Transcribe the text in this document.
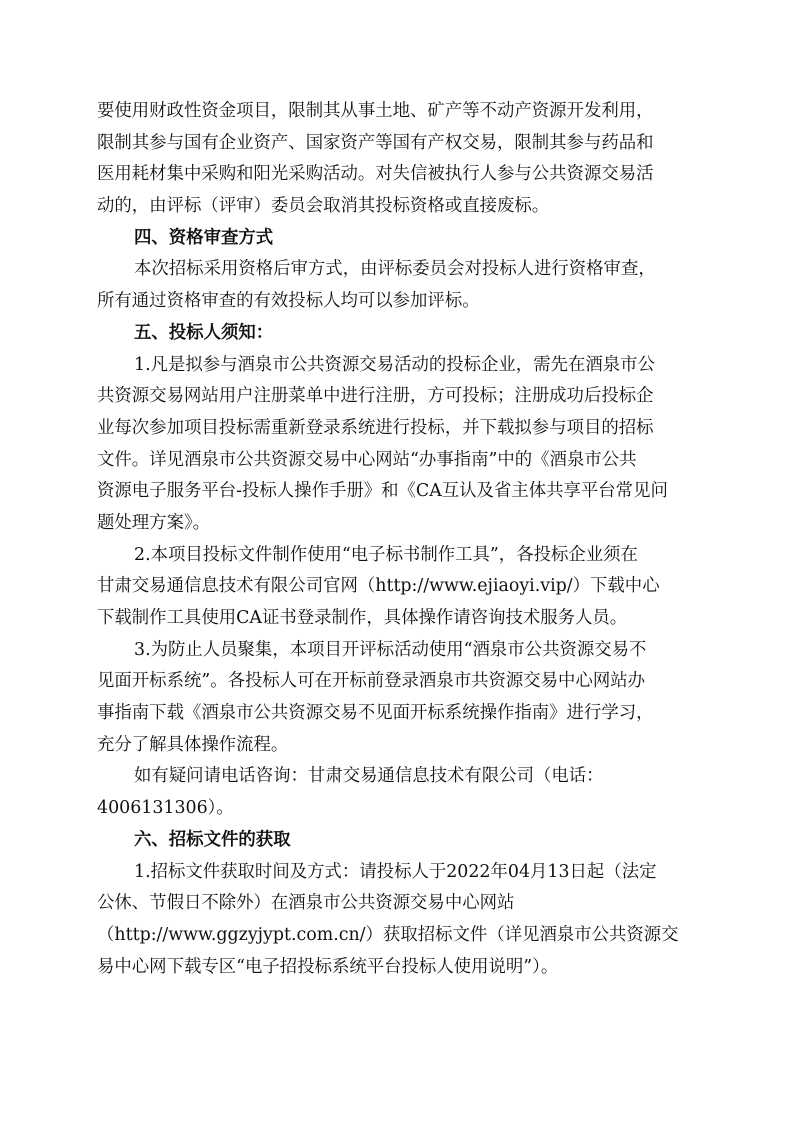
要使用财政性资金项目，限制其从事土地、矿产等不动产资源开发利用，
限制其参与国有企业资产、国家资产等国有产权交易，限制其参与药品和
医用耗材集中采购和阳光采购活动。对失信被执行人参与公共资源交易活
动的，由评标（评审）委员会取消其投标资格或直接废标。
四、资格审查方式
本次招标采用资格后审方式，由评标委员会对投标人进行资格审查，
所有通过资格审查的有效投标人均可以参加评标。
五、投标人须知：
1.凡是拟参与酒泉市公共资源交易活动的投标企业，需先在酒泉市公
共资源交易网站用户注册菜单中进行注册，方可投标；注册成功后投标企
业每次参加项目投标需重新登录系统进行投标，并下载拟参与项目的招标
文件。详见酒泉市公共资源交易中心网站“办事指南”中的《酒泉市公共
资源电子服务平台-投标人操作手册》和《CA互认及省主体共享平台常见问
题处理方案》。
2.本项目投标文件制作使用“电子标书制作工具”，各投标企业须在
甘肃交易通信息技术有限公司官网（http://www.ejiaoyi.vip/）下载中心
下载制作工具使用CA证书登录制作，具体操作请咨询技术服务人员。
3.为防止人员聚集，本项目开评标活动使用“酒泉市公共资源交易不
见面开标系统”。各投标人可在开标前登录酒泉市共资源交易中心网站办
事指南下载《酒泉市公共资源交易不见面开标系统操作指南》进行学习，
充分了解具体操作流程。
如有疑问请电话咨询：甘肃交易通信息技术有限公司（电话：
4006131306）。
六、招标文件的获取
1.招标文件获取时间及方式：请投标人于2022年04月13日起（法定
公休、节假日不除外）在酒泉市公共资源交易中心网站
（http://www.ggzyjypt.com.cn/）获取招标文件（详见酒泉市公共资源交
易中心网下载专区“电子招投标系统平台投标人使用说明”）。
